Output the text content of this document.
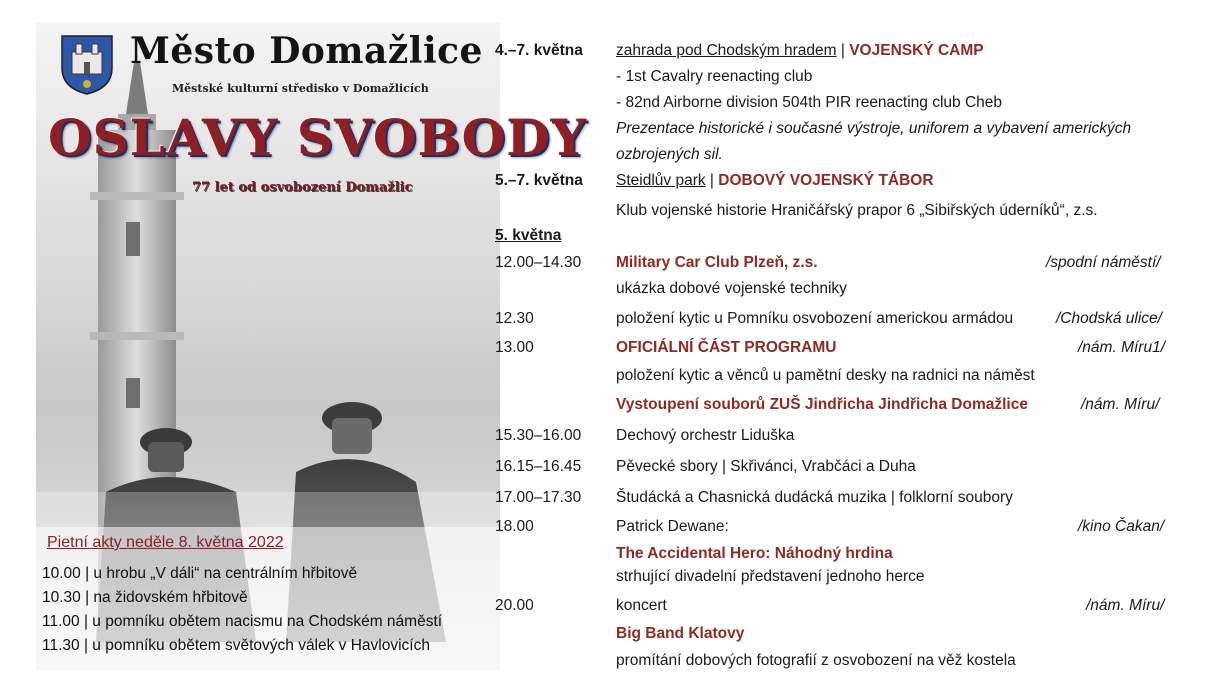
Město Domažlice
Městské kulturní středisko v Domažlicích
OSLAVY SVOBODY
77 let od osvobození Domažlic
Pietní akty neděle 8. května 2022
10.00 | u hrobu „V dáli“ na centrálním hřbitově
10.30 | na židovském hřbitově
11.00 | u pomníku obětem nacismu na Chodském náměstí
11.30 | u pomníku obětem světových válek v Havlovicích
4.–7. května zahrada pod Chodským hradem | VOJENSKÝ CAMP
- 1st Cavalry reenacting club
- 82nd Airborne division 504th PIR reenacting club Cheb
Prezentace historické i současné výstroje, uniforem a vybavení amerických
ozbrojených sil.
5.–7. května Steidlův park | DOBOVÝ VOJENSKÝ TÁBOR
Klub vojenské historie Hraničářský prapor 6 „Sibiřských úderníků“, z.s.
5. května
12.00–14.30 Military Car Club Plzeň, z.s.	/spodní náměstí/
ukázka dobové vojenské techniky
12.30	položení kytic u Pomníku osvobození americkou armádou	/Chodská ulice/
13.00	OFICIÁLNÍ ČÁST PROGRAMU	/nám. Míru1/
položení kytic a věnců u pamětní desky na radnici na náměst
Vystoupení souborů ZUŠ Jindřicha Jindřicha Domažlice	/nám. Míru/
15.30–16.00 Dechový orchestr Liduška
16.15–16.45 Pěvecké sbory | Skřivánci, Vrabčáci a Duha
17.00–17.30 Študácká a Chasnická dudácká muzika | folklorní soubory
18.00	Patrick Dewane:	/kino Čakan/
The Accidental Hero: Náhodný hrdina
strhující divadelní představení jednoho herce
20.00	koncert	/nám. Míru/
Big Band Klatovy
promítání dobových fotografií z osvobození na věž kostela
